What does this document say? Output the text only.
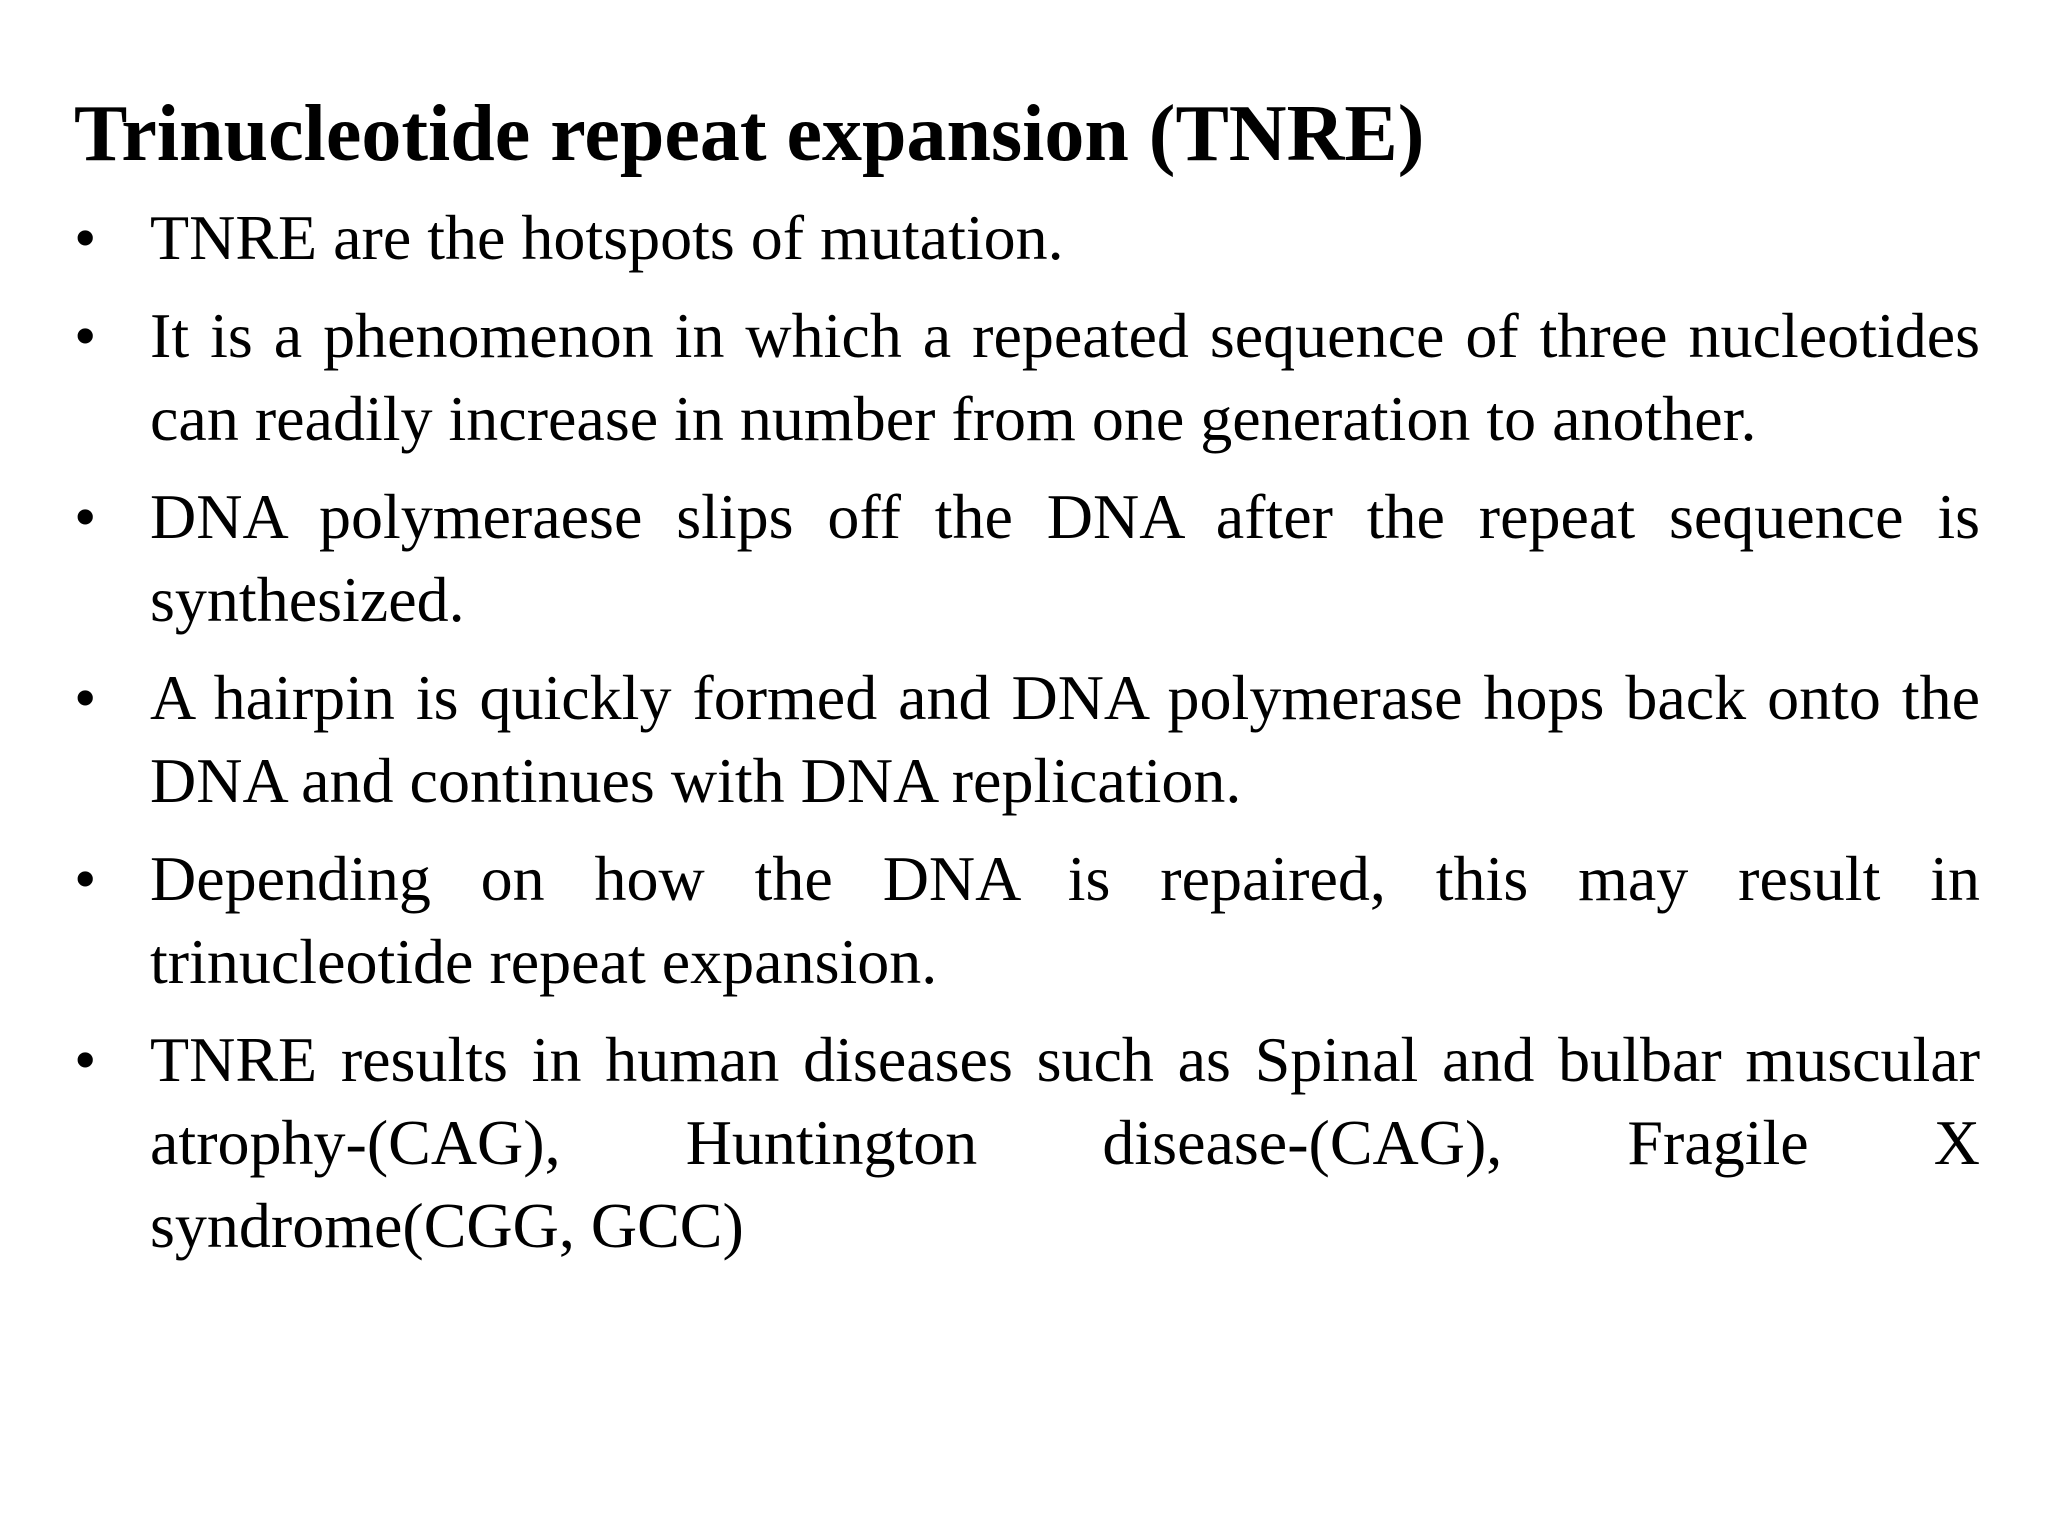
Trinucleotide repeat expansion (TNRE)
• TNRE are the hotspots of mutation.
• It is a phenomenon in which a repeated sequence of three nucleotides can readily increase in number from one generation to another.
• DNA polymeraese slips off the DNA after the repeat sequence is synthesized.
• A hairpin is quickly formed and DNA polymerase hops back onto the DNA and continues with DNA replication.
• Depending on how the DNA is repaired, this may result in trinucleotide repeat expansion.
• TNRE results in human diseases such as Spinal and bulbar muscular atrophy-(CAG), Huntington disease-(CAG), Fragile X syndrome(CGG, GCC)
